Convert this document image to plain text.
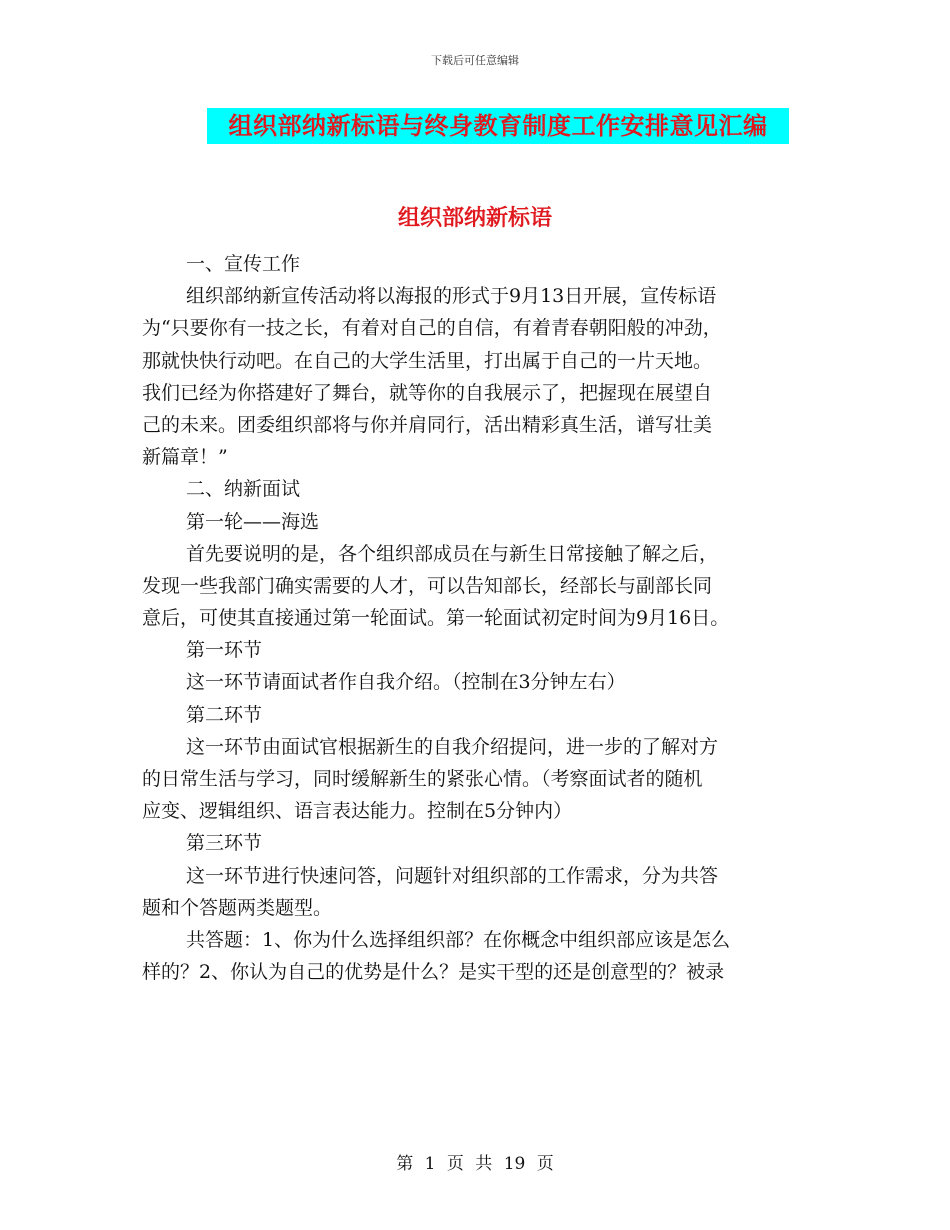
下载后可任意编辑
组织部纳新标语与终身教育制度工作安排意见汇编
组织部纳新标语
一、宣传工作
组织部纳新宣传活动将以海报的形式于9月13日开展，宣传标语
为“只要你有一技之长，有着对自己的自信，有着青春朝阳般的冲劲，
那就快快行动吧。在自己的大学生活里，打出属于自己的一片天地。
我们已经为你搭建好了舞台，就等你的自我展示了，把握现在展望自
己的未来。团委组织部将与你并肩同行，活出精彩真生活，谱写壮美
新篇章！”
二、纳新面试
第一轮——海选
首先要说明的是，各个组织部成员在与新生日常接触了解之后，
发现一些我部门确实需要的人才，可以告知部长，经部长与副部长同
意后，可使其直接通过第一轮面试。第一轮面试初定时间为9月16日。
第一环节
这一环节请面试者作自我介绍。（控制在3分钟左右）
第二环节
这一环节由面试官根据新生的自我介绍提问，进一步的了解对方
的日常生活与学习，同时缓解新生的紧张心情。（考察面试者的随机
应变、逻辑组织、语言表达能力。控制在5分钟内）
第三环节
这一环节进行快速问答，问题针对组织部的工作需求，分为共答
题和个答题两类题型。
共答题：1、你为什么选择组织部？在你概念中组织部应该是怎么
样的？2、你认为自己的优势是什么？是实干型的还是创意型的？被录
第 1 页 共 19 页
